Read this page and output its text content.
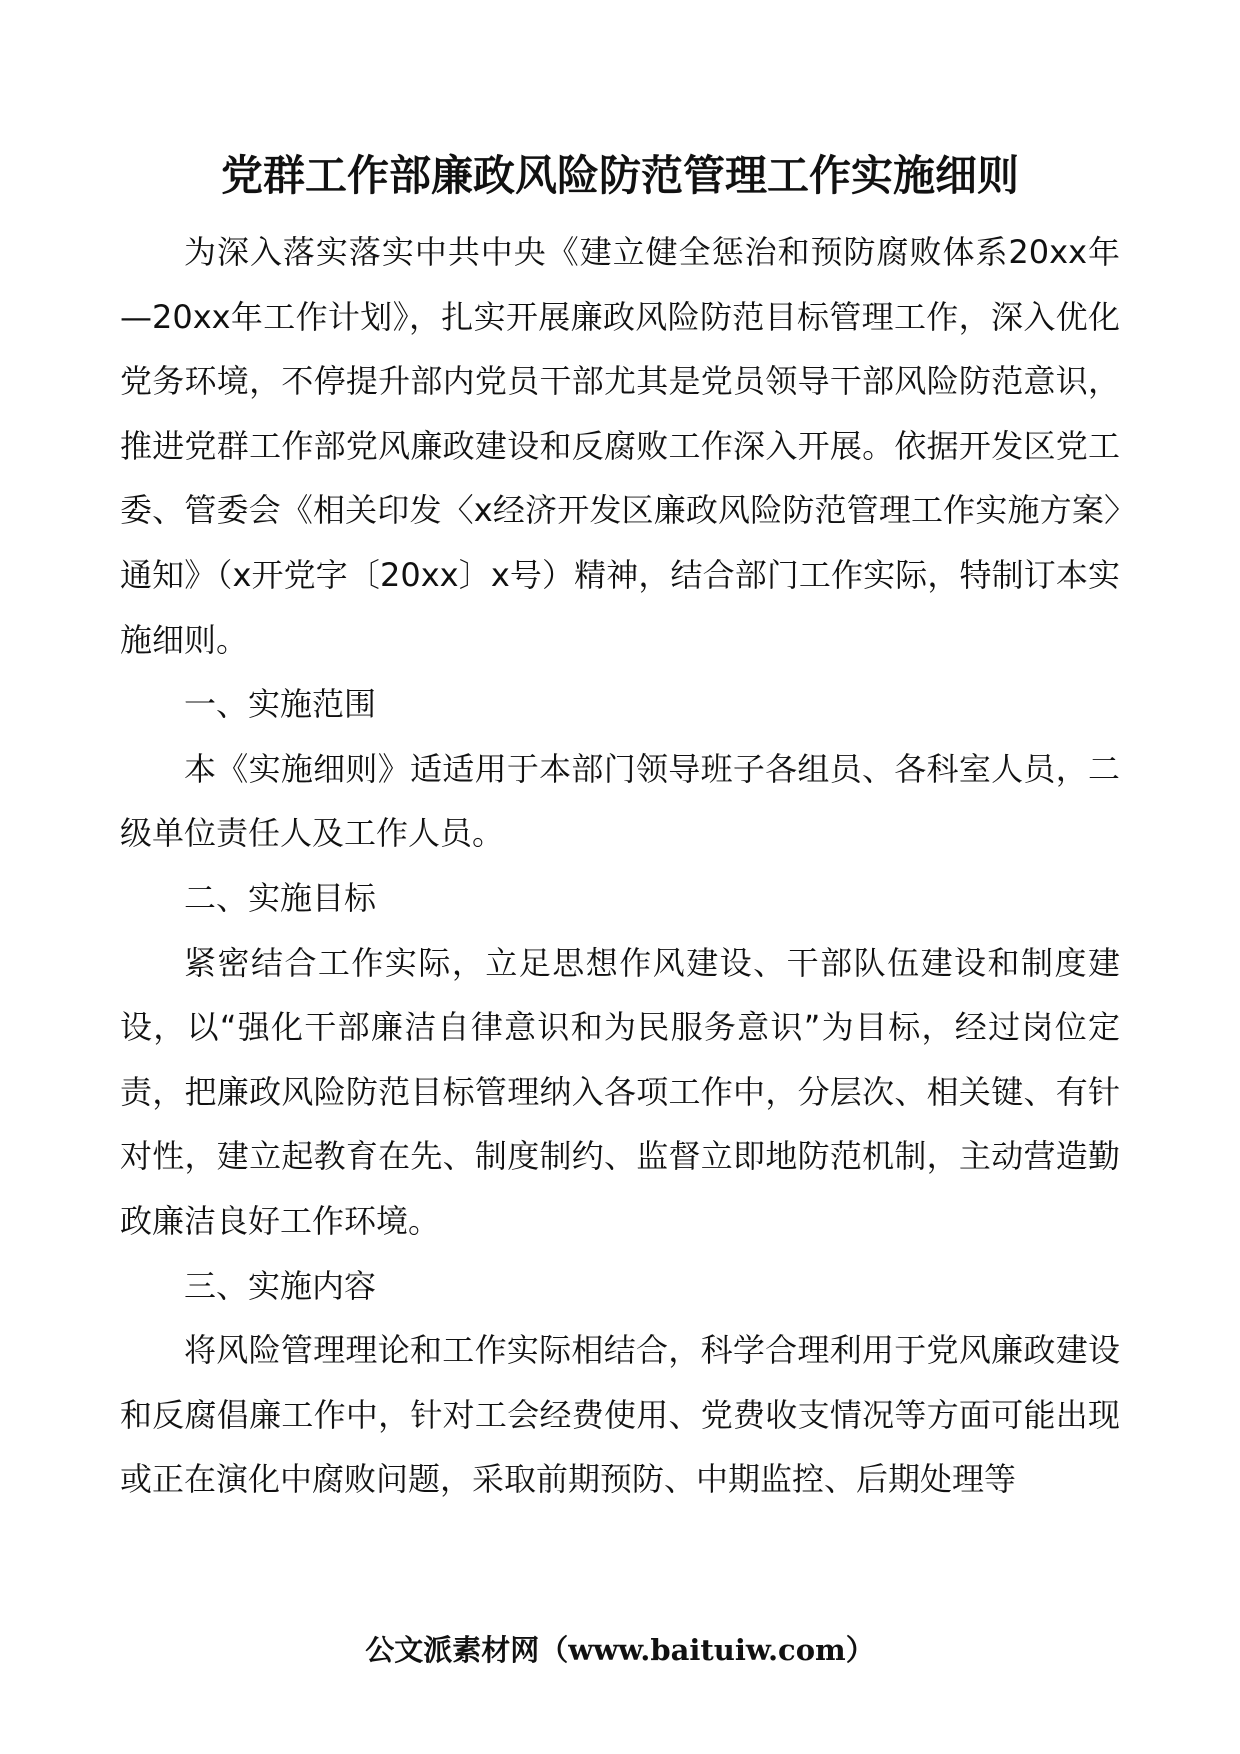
党群工作部廉政风险防范管理工作实施细则

为深入落实落实中共中央《建立健全惩治和预防腐败体系20xx年—20xx年工作计划》，扎实开展廉政风险防范目标管理工作，深入优化党务环境，不停提升部内党员干部尤其是党员领导干部风险防范意识，推进党群工作部党风廉政建设和反腐败工作深入开展。依据开发区党工委、管委会《相关印发〈x经济开发区廉政风险防范管理工作实施方案〉通知》（x开党字〔20xx〕x号）精神，结合部门工作实际，特制订本实施细则。

一、实施范围

本《实施细则》适适用于本部门领导班子各组员、各科室人员，二级单位责任人及工作人员。

二、实施目标

紧密结合工作实际，立足思想作风建设、干部队伍建设和制度建设，以“强化干部廉洁自律意识和为民服务意识”为目标，经过岗位定责，把廉政风险防范目标管理纳入各项工作中，分层次、相关键、有针对性，建立起教育在先、制度制约、监督立即地防范机制，主动营造勤政廉洁良好工作环境。

三、实施内容

将风险管理理论和工作实际相结合，科学合理利用于党风廉政建设和反腐倡廉工作中，针对工会经费使用、党费收支情况等方面可能出现或正在演化中腐败问题，采取前期预防、中期监控、后期处理等

公文派素材网（www.baituiw.com）
